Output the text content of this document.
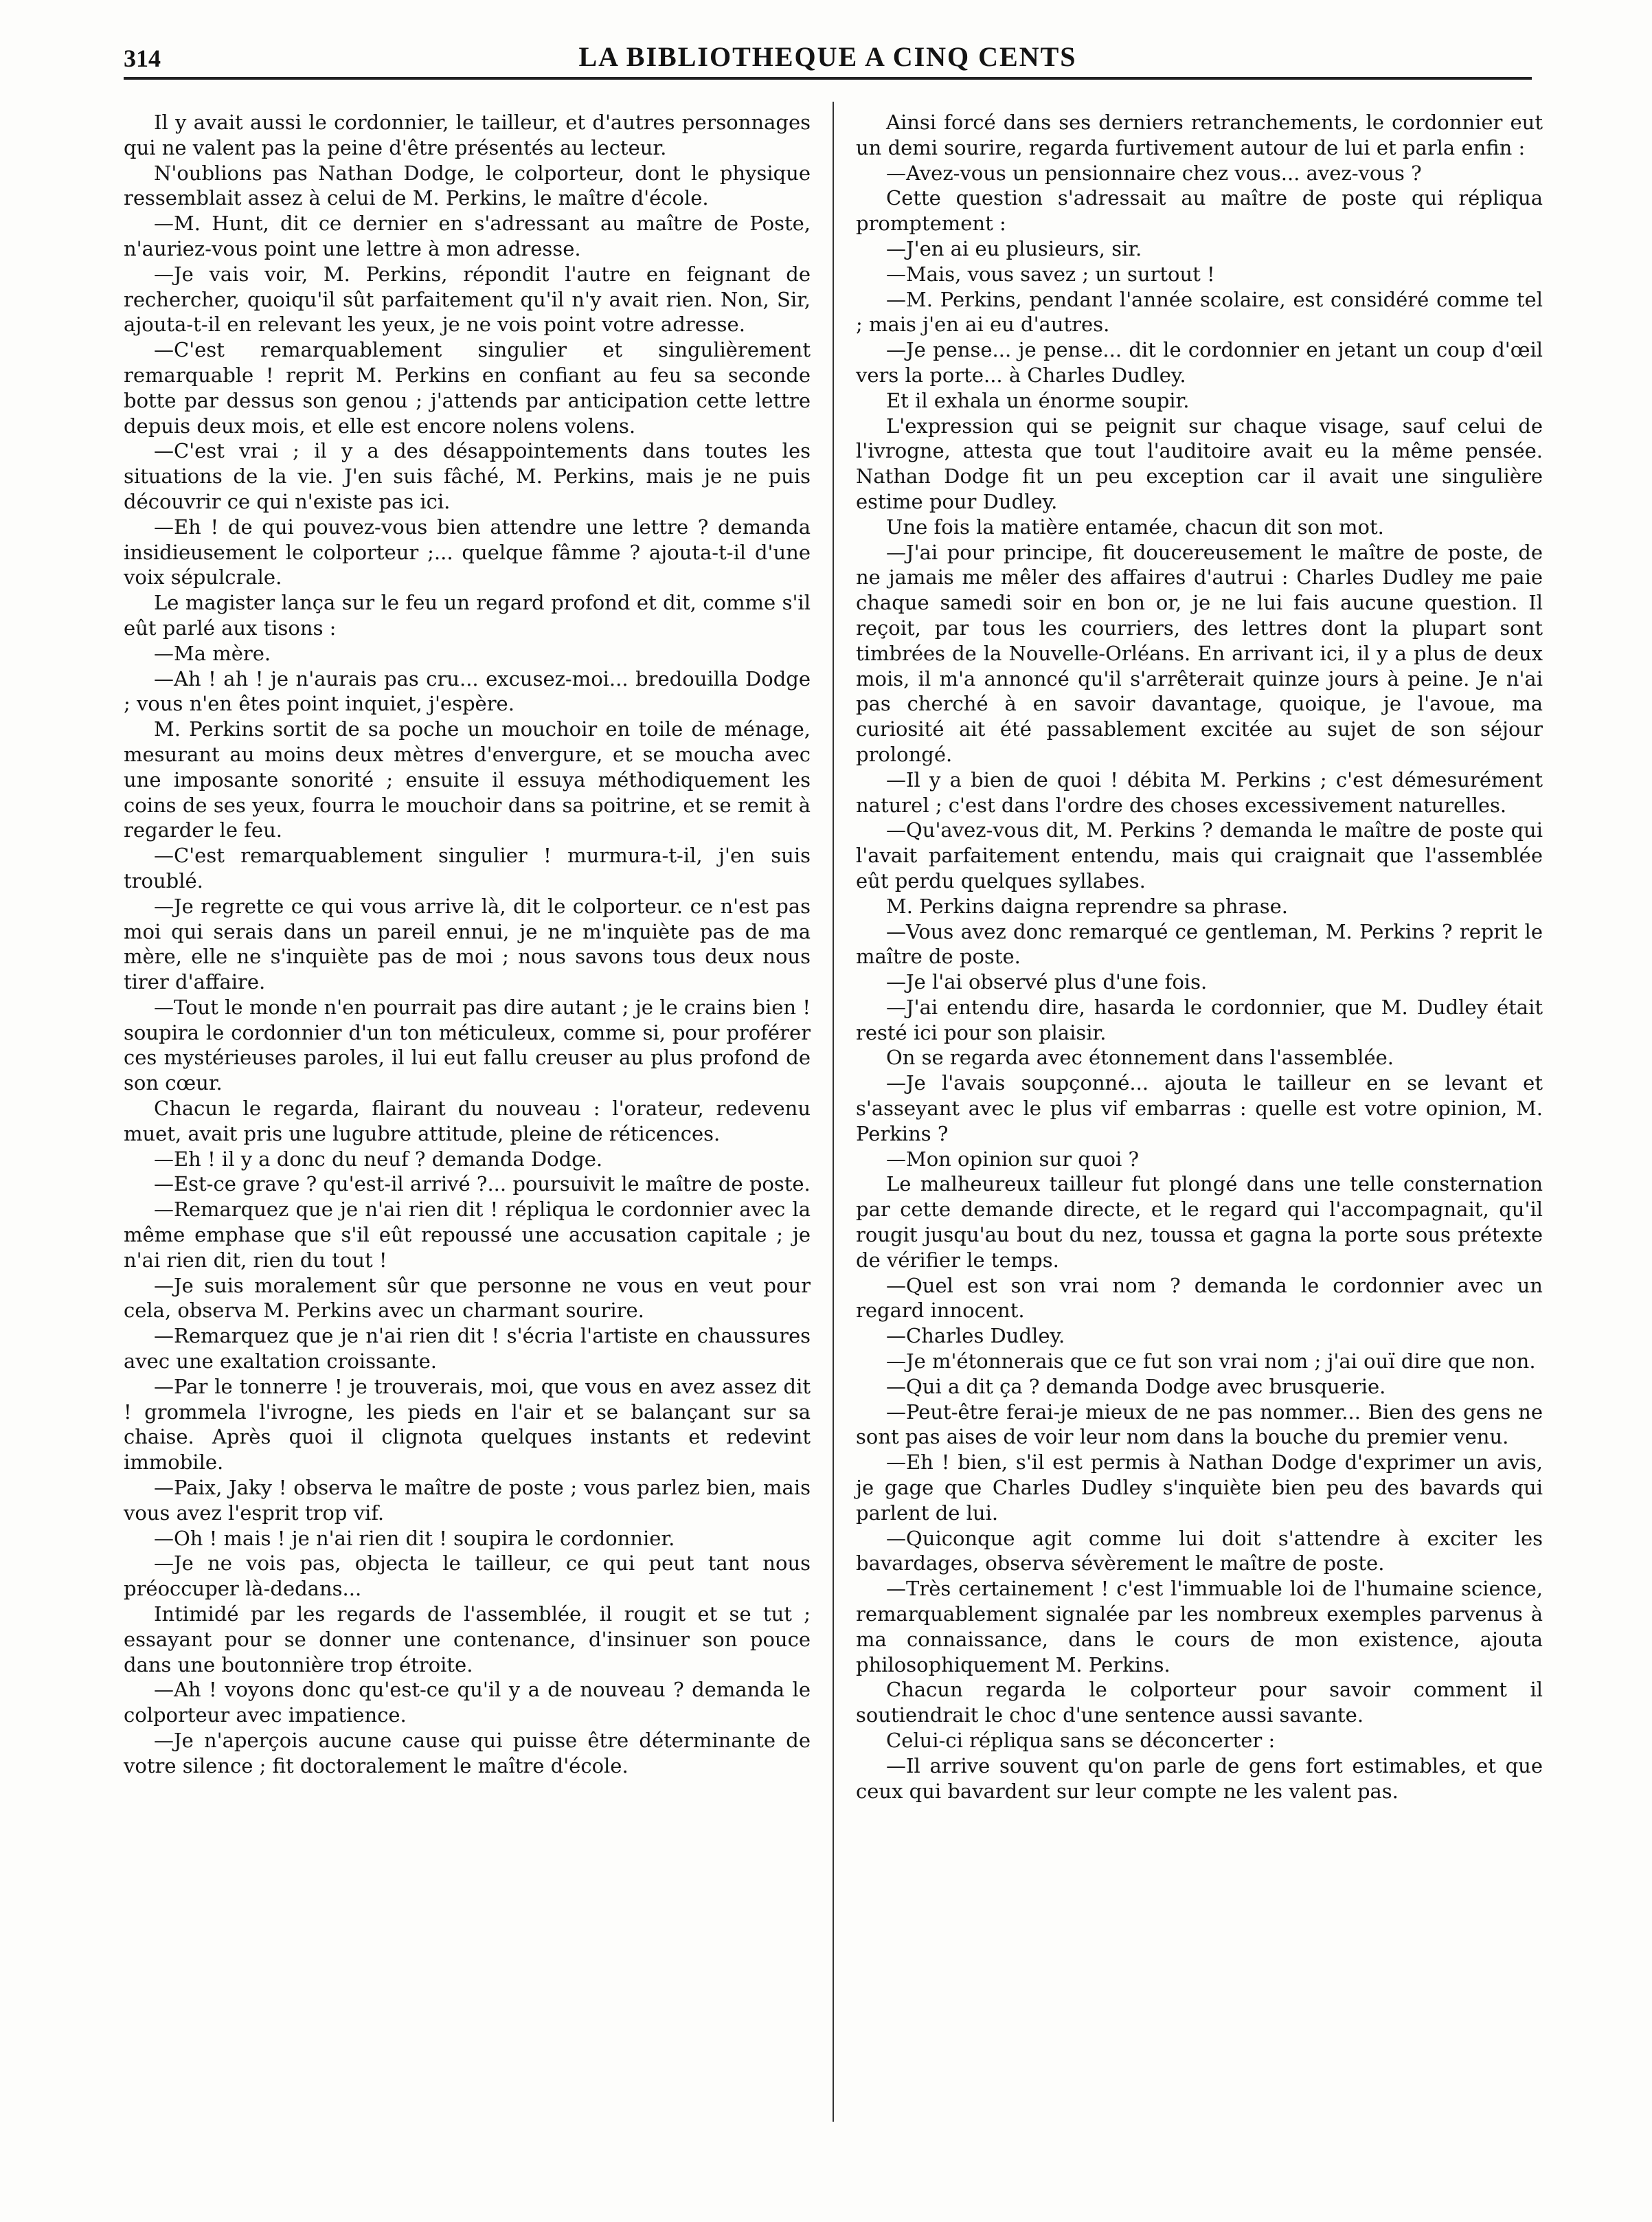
314	LA BIBLIOTHEQUE A CINQ CENTS

Il y avait aussi le cordonnier, le tailleur, et d'autres personnages qui ne valent pas la peine d'être présentés au lecteur.

N'oublions pas Nathan Dodge, le colporteur, dont le physique ressemblait assez à celui de M. Perkins, le maître d'école.

—M. Hunt, dit ce dernier en s'adressant au maître de Poste, n'auriez-vous point une lettre à mon adresse.

—Je vais voir, M. Perkins, répondit l'autre en feignant de rechercher, quoiqu'il sût parfaitement qu'il n'y avait rien. Non, Sir, ajouta-t-il en relevant les yeux, je ne vois point votre adresse.

—C'est remarquablement singulier et singulièrement remarquable ! reprit M. Perkins en confiant au feu sa seconde botte par dessus son genou ; j'attends par anticipation cette lettre depuis deux mois, et elle est encore nolens volens.

—C'est vrai ; il y a des désappointements dans toutes les situations de la vie. J'en suis fâché, M. Perkins, mais je ne puis découvrir ce qui n'existe pas ici.

—Eh ! de qui pouvez-vous bien attendre une lettre ? demanda insidieusement le colporteur ;... quelque fâmme ? ajouta-t-il d'une voix sépulcrale.

Le magister lança sur le feu un regard profond et dit, comme s'il eût parlé aux tisons :

—Ma mère.

—Ah ! ah ! je n'aurais pas cru... excusez-moi... bredouilla Dodge ; vous n'en êtes point inquiet, j'espère.

M. Perkins sortit de sa poche un mouchoir en toile de ménage, mesurant au moins deux mètres d'envergure, et se moucha avec une imposante sonorité ; ensuite il essuya méthodiquement les coins de ses yeux, fourra le mouchoir dans sa poitrine, et se remit à regarder le feu.

—C'est remarquablement singulier ! murmura-t-il, j'en suis troublé.

—Je regrette ce qui vous arrive là, dit le colporteur. ce n'est pas moi qui serais dans un pareil ennui, je ne m'inquiète pas de ma mère, elle ne s'inquiète pas de moi ; nous savons tous deux nous tirer d'affaire.

—Tout le monde n'en pourrait pas dire autant ; je le crains bien ! soupira le cordonnier d'un ton méticuleux, comme si, pour proférer ces mystérieuses paroles, il lui eut fallu creuser au plus profond de son cœur.

Chacun le regarda, flairant du nouveau : l'orateur, redevenu muet, avait pris une lugubre attitude, pleine de réticences.

—Eh ! il y a donc du neuf ? demanda Dodge.

—Est-ce grave ? qu'est-il arrivé ?... poursuivit le maître de poste.

—Remarquez que je n'ai rien dit ! répliqua le cordonnier avec la même emphase que s'il eût repoussé une accusation capitale ; je n'ai rien dit, rien du tout !

—Je suis moralement sûr que personne ne vous en veut pour cela, observa M. Perkins avec un charmant sourire.

—Remarquez que je n'ai rien dit ! s'écria l'artiste en chaussures avec une exaltation croissante.

—Par le tonnerre ! je trouverais, moi, que vous en avez assez dit ! grommela l'ivrogne, les pieds en l'air et se balançant sur sa chaise. Après quoi il clignota quelques instants et redevint immobile.

—Paix, Jaky ! observa le maître de poste ; vous parlez bien, mais vous avez l'esprit trop vif.

—Oh ! mais ! je n'ai rien dit ! soupira le cordonnier.

—Je ne vois pas, objecta le tailleur, ce qui peut tant nous préoccuper là-dedans...

Intimidé par les regards de l'assemblée, il rougit et se tut ; essayant pour se donner une contenance, d'insinuer son pouce dans une boutonnière trop étroite.

—Ah ! voyons donc qu'est-ce qu'il y a de nouveau ? demanda le colporteur avec impatience.

—Je n'aperçois aucune cause qui puisse être déterminante de votre silence ; fit doctoralement le maître d'école.

Ainsi forcé dans ses derniers retranchements, le cordonnier eut un demi sourire, regarda furtivement autour de lui et parla enfin :

—Avez-vous un pensionnaire chez vous... avez-vous ?

Cette question s'adressait au maître de poste qui répliqua promptement :

—J'en ai eu plusieurs, sir.

—Mais, vous savez ; un surtout !

—M. Perkins, pendant l'année scolaire, est considéré comme tel ; mais j'en ai eu d'autres.

—Je pense... je pense... dit le cordonnier en jetant un coup d'œil vers la porte... à Charles Dudley.

Et il exhala un énorme soupir.

L'expression qui se peignit sur chaque visage, sauf celui de l'ivrogne, attesta que tout l'auditoire avait eu la même pensée. Nathan Dodge fit un peu exception car il avait une singulière estime pour Dudley.

Une fois la matière entamée, chacun dit son mot.

—J'ai pour principe, fit doucereusement le maître de poste, de ne jamais me mêler des affaires d'autrui : Charles Dudley me paie chaque samedi soir en bon or, je ne lui fais aucune question. Il reçoit, par tous les courriers, des lettres dont la plupart sont timbrées de la Nouvelle-Orléans. En arrivant ici, il y a plus de deux mois, il m'a annoncé qu'il s'arrêterait quinze jours à peine. Je n'ai pas cherché à en savoir davantage, quoique, je l'avoue, ma curiosité ait été passablement excitée au sujet de son séjour prolongé.

—Il y a bien de quoi ! débita M. Perkins ; c'est démesurément naturel ; c'est dans l'ordre des choses excessivement naturelles.

—Qu'avez-vous dit, M. Perkins ? demanda le maître de poste qui l'avait parfaitement entendu, mais qui craignait que l'assemblée eût perdu quelques syllabes.

M. Perkins daigna reprendre sa phrase.

—Vous avez donc remarqué ce gentleman, M. Perkins ? reprit le maître de poste.

—Je l'ai observé plus d'une fois.

—J'ai entendu dire, hasarda le cordonnier, que M. Dudley était resté ici pour son plaisir.

On se regarda avec étonnement dans l'assemblée.

—Je l'avais soupçonné... ajouta le tailleur en se levant et s'asseyant avec le plus vif embarras : quelle est votre opinion, M. Perkins ?

—Mon opinion sur quoi ?

Le malheureux tailleur fut plongé dans une telle consternation par cette demande directe, et le regard qui l'accompagnait, qu'il rougit jusqu'au bout du nez, toussa et gagna la porte sous prétexte de vérifier le temps.

—Quel est son vrai nom ? demanda le cordonnier avec un regard innocent.

—Charles Dudley.

—Je m'étonnerais que ce fut son vrai nom ; j'ai ouï dire que non.

—Qui a dit ça ? demanda Dodge avec brusquerie.

—Peut-être ferai-je mieux de ne pas nommer... Bien des gens ne sont pas aises de voir leur nom dans la bouche du premier venu.

—Eh ! bien, s'il est permis à Nathan Dodge d'exprimer un avis, je gage que Charles Dudley s'inquiète bien peu des bavards qui parlent de lui.

—Quiconque agit comme lui doit s'attendre à exciter les bavardages, observa sévèrement le maître de poste.

—Très certainement ! c'est l'immuable loi de l'humaine science, remarquablement signalée par les nombreux exemples parvenus à ma connaissance, dans le cours de mon existence, ajouta philosophiquement M. Perkins.

Chacun regarda le colporteur pour savoir comment il soutiendrait le choc d'une sentence aussi savante.

Celui-ci répliqua sans se déconcerter :

—Il arrive souvent qu'on parle de gens fort estimables, et que ceux qui bavardent sur leur compte ne les valent pas.
